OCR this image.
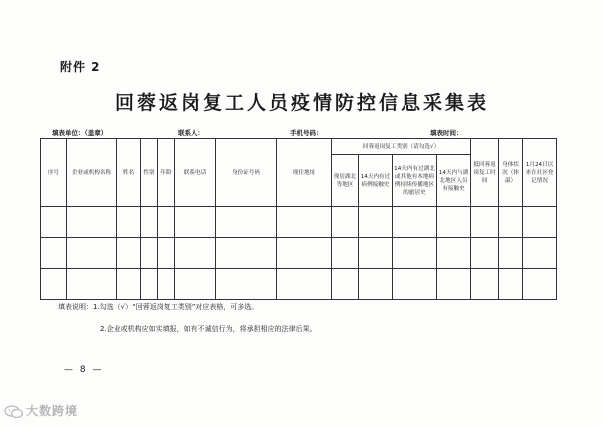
附件 2
回蓉返岗复工人员疫情防控信息采集表
填表单位：（盖章）	联系人：	手机号码：	填表时间：
序号	企业或机构名称	姓名	性别	年龄	联系电话	身份证号码	现住地址	回蓉返岗复工类别（请勾选√）				抵回蓉返岗复工时间	身体状况（体温）	1月24日以来在社区登记情况
								现居湖北等地区	14天内有过病例接触史	14天内有过湖北或其他有本地病例持续传播地区的旅居史	14天内与湖北地区人员有接触史			

填表说明：1.勾选（√）“回蓉返岗复工类别”对应表格，可多选。
2.企业或机构应如实填报，如有不诚信行为，将承担相应的法律后果。
— 8 —
大数跨境
